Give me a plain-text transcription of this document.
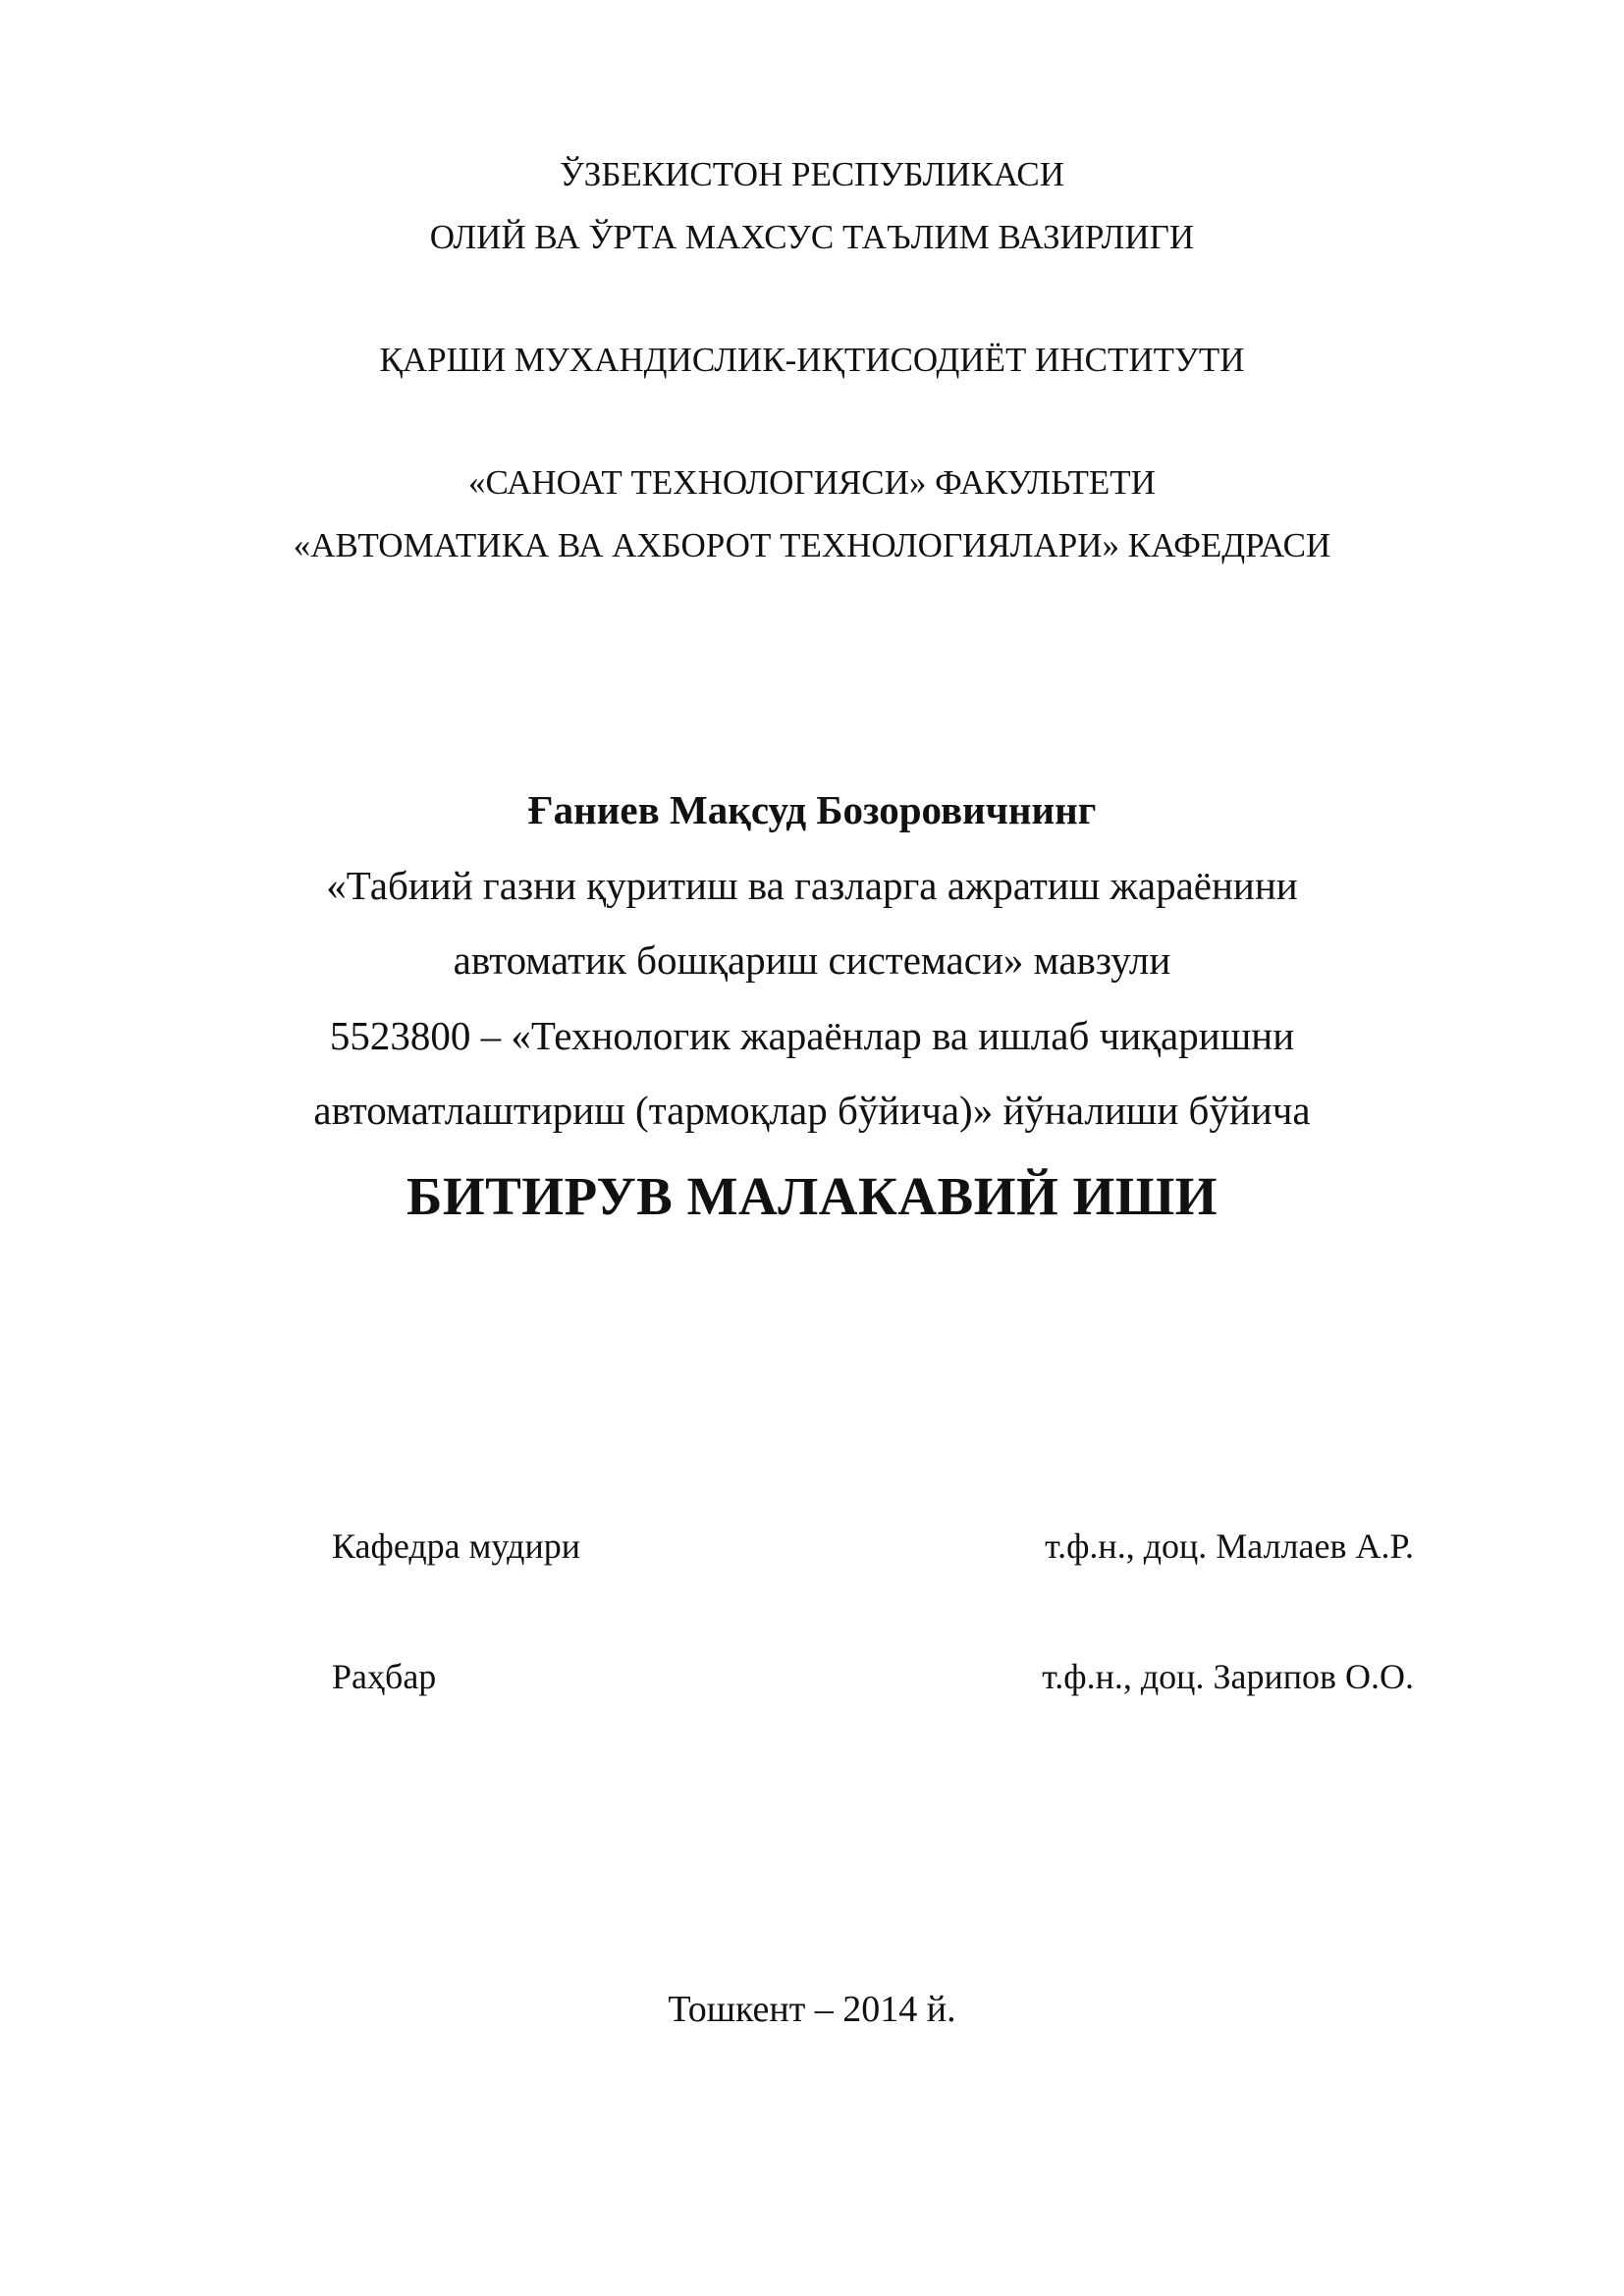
ЎЗБЕКИСТОН РЕСПУБЛИКАСИ
ОЛИЙ ВА ЎРТА МАХСУС ТАЪЛИМ ВАЗИРЛИГИ
ҚАРШИ МУХАНДИСЛИК-ИҚТИСОДИЁТ ИНСТИТУТИ
«САНОАТ ТЕХНОЛОГИЯСИ» ФАКУЛЬТЕТИ
«АВТОМАТИКА ВА АХБОРОТ ТЕХНОЛОГИЯЛАРИ» КАФЕДРАСИ
Ғаниев Мақсуд Бозоровичнинг
«Табиий газни қуритиш ва газларга ажратиш жараёнини
автоматик бошқариш системаси» мавзули
5523800 – «Технологик жараёнлар ва ишлаб чиқаришни
автоматлаштириш (тармоқлар бўйича)» йўналиши бўйича
БИТИРУВ МАЛАКАВИЙ ИШИ
Кафедра мудири	т.ф.н., доц. Маллаев А.Р.
Раҳбар	т.ф.н., доц. Зарипов О.О.
Тошкент – 2014 й.
